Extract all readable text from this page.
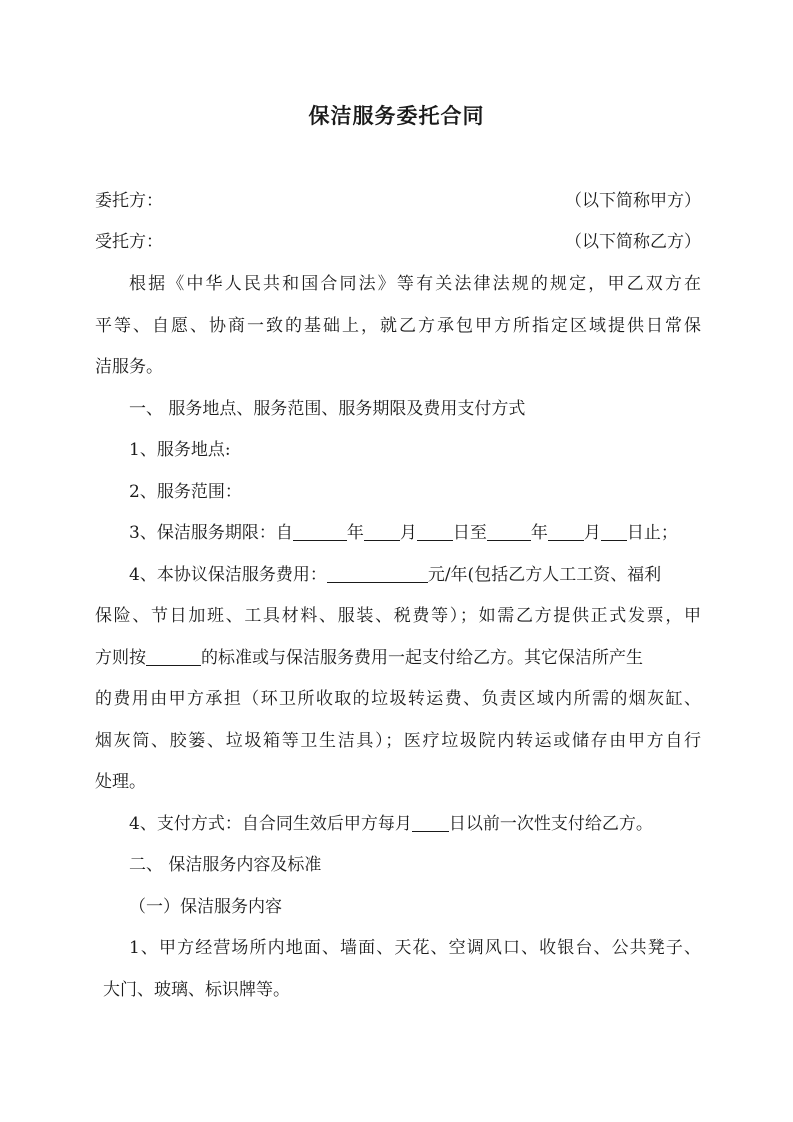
保洁服务委托合同
委托方：	（以下简称甲方）
受托方：	（以下简称乙方）
根据《中华人民共和国合同法》等有关法律法规的规定，甲乙双方在
平等、自愿、协商一致的基础上，就乙方承包甲方所指定区域提供日常保
洁服务。
一、 服务地点、服务范围、服务期限及费用支付方式
1、服务地点:
2、服务范围：
3、保洁服务期限：自	年 月 日至	年 月 日止；
4、本协议保洁服务费用：	元/年(包括乙方人工工资、福利
保险、节日加班、工具材料、服装、税费等）；如需乙方提供正式发票，甲
方则按	的标准或与保洁服务费用一起支付给乙方。其它保洁所产生
的费用由甲方承担（环卫所收取的垃圾转运费、负责区域内所需的烟灰缸、
烟灰筒、胶篓、垃圾箱等卫生洁具）；医疗垃圾院内转运或储存由甲方自行
处理。
4、支付方式：自合同生效后甲方每月 日以前一次性支付给乙方。
二、 保洁服务内容及标准
（一）保洁服务内容
1、甲方经营场所内地面、墙面、天花、空调风口、收银台、公共凳子、
大门、玻璃、标识牌等。
